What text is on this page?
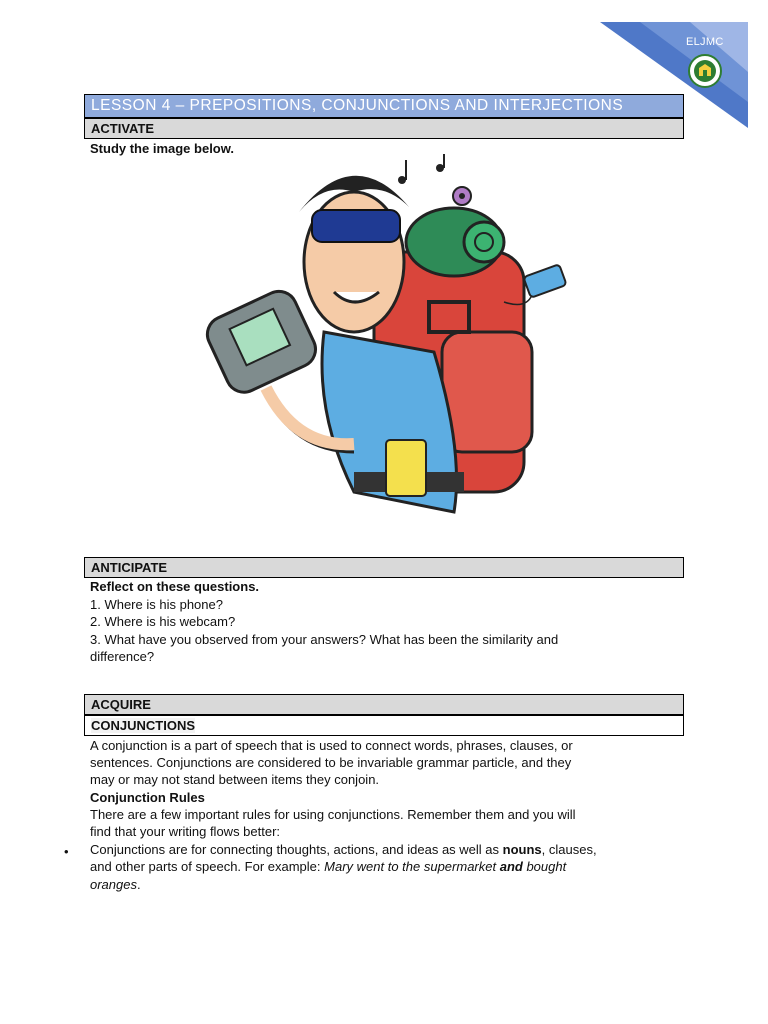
ELJMC
LESSON 4 – PREPOSITIONS, CONJUNCTIONS AND INTERJECTIONS
ACTIVATE
Study the image below.
ANTICIPATE
Reflect on these questions.
1. Where is his phone?
2. Where is his webcam?
3. What have you observed from your answers? What has been the similarity and
difference?
ACQUIRE
CONJUNCTIONS
A conjunction is a part of speech that is used to connect words, phrases, clauses, or
sentences. Conjunctions are considered to be invariable grammar particle, and they
may or may not stand between items they conjoin.
Conjunction Rules
There are a few important rules for using conjunctions. Remember them and you will
find that your writing flows better:
• Conjunctions are for connecting thoughts, actions, and ideas as well as nouns, clauses,
and other parts of speech. For example: Mary went to the supermarket and bought
oranges.
